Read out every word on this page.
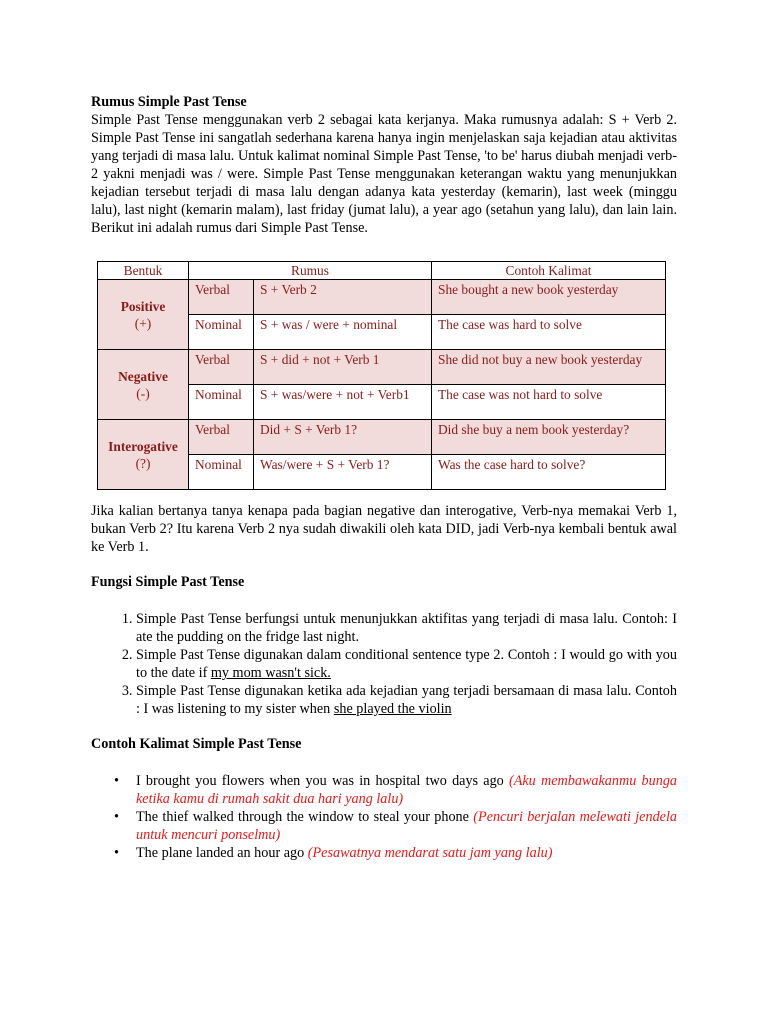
Rumus Simple Past Tense

Simple Past Tense menggunakan verb 2 sebagai kata kerjanya. Maka rumusnya adalah: S + Verb 2. Simple Past Tense ini sangatlah sederhana karena hanya ingin menjelaskan saja kejadian atau aktivitas yang terjadi di masa lalu. Untuk kalimat nominal Simple Past Tense, 'to be' harus diubah menjadi verb-2 yakni menjadi was / were. Simple Past Tense menggunakan keterangan waktu yang menunjukkan kejadian tersebut terjadi di masa lalu dengan adanya kata yesterday (kemarin), last week (minggu lalu), last night (kemarin malam), last friday (jumat lalu), a year ago (setahun yang lalu), dan lain lain. Berikut ini adalah rumus dari Simple Past Tense.

Bentuk	Rumus		Contoh Kalimat
Positive
(+)	Verbal	S + Verb 2	She bought a new book yesterday
	Nominal	S + was / were + nominal	The case was hard to solve
Negative
(-)	Verbal	S + did + not + Verb 1	She did not buy a new book yesterday
	Nominal	S + was/were + not + Verb1	The case was not hard to solve
Interogative
(?)	Verbal	Did + S + Verb 1?	Did she buy a nem book yesterday?
	Nominal	Was/were + S + Verb 1?	Was the case hard to solve?

Jika kalian bertanya tanya kenapa pada bagian negative dan interogative, Verb-nya memakai Verb 1, bukan Verb 2? Itu karena Verb 2 nya sudah diwakili oleh kata DID, jadi Verb-nya kembali bentuk awal ke Verb 1.

Fungsi Simple Past Tense
1. Simple Past Tense berfungsi untuk menunjukkan aktifitas yang terjadi di masa lalu. Contoh: I ate the pudding on the fridge last night.
2. Simple Past Tense digunakan dalam conditional sentence type 2. Contoh : I would go with you to the date if my mom wasn't sick.
3. Simple Past Tense digunakan ketika ada kejadian yang terjadi bersamaan di masa lalu. Contoh : I was listening to my sister when she played the violin
Contoh Kalimat Simple Past Tense
• I brought you flowers when you was in hospital two days ago (Aku membawakanmu bunga ketika kamu di rumah sakit dua hari yang lalu)
• The thief walked through the window to steal your phone (Pencuri berjalan melewati jendela untuk mencuri ponselmu)
• The plane landed an hour ago (Pesawatnya mendarat satu jam yang lalu)
